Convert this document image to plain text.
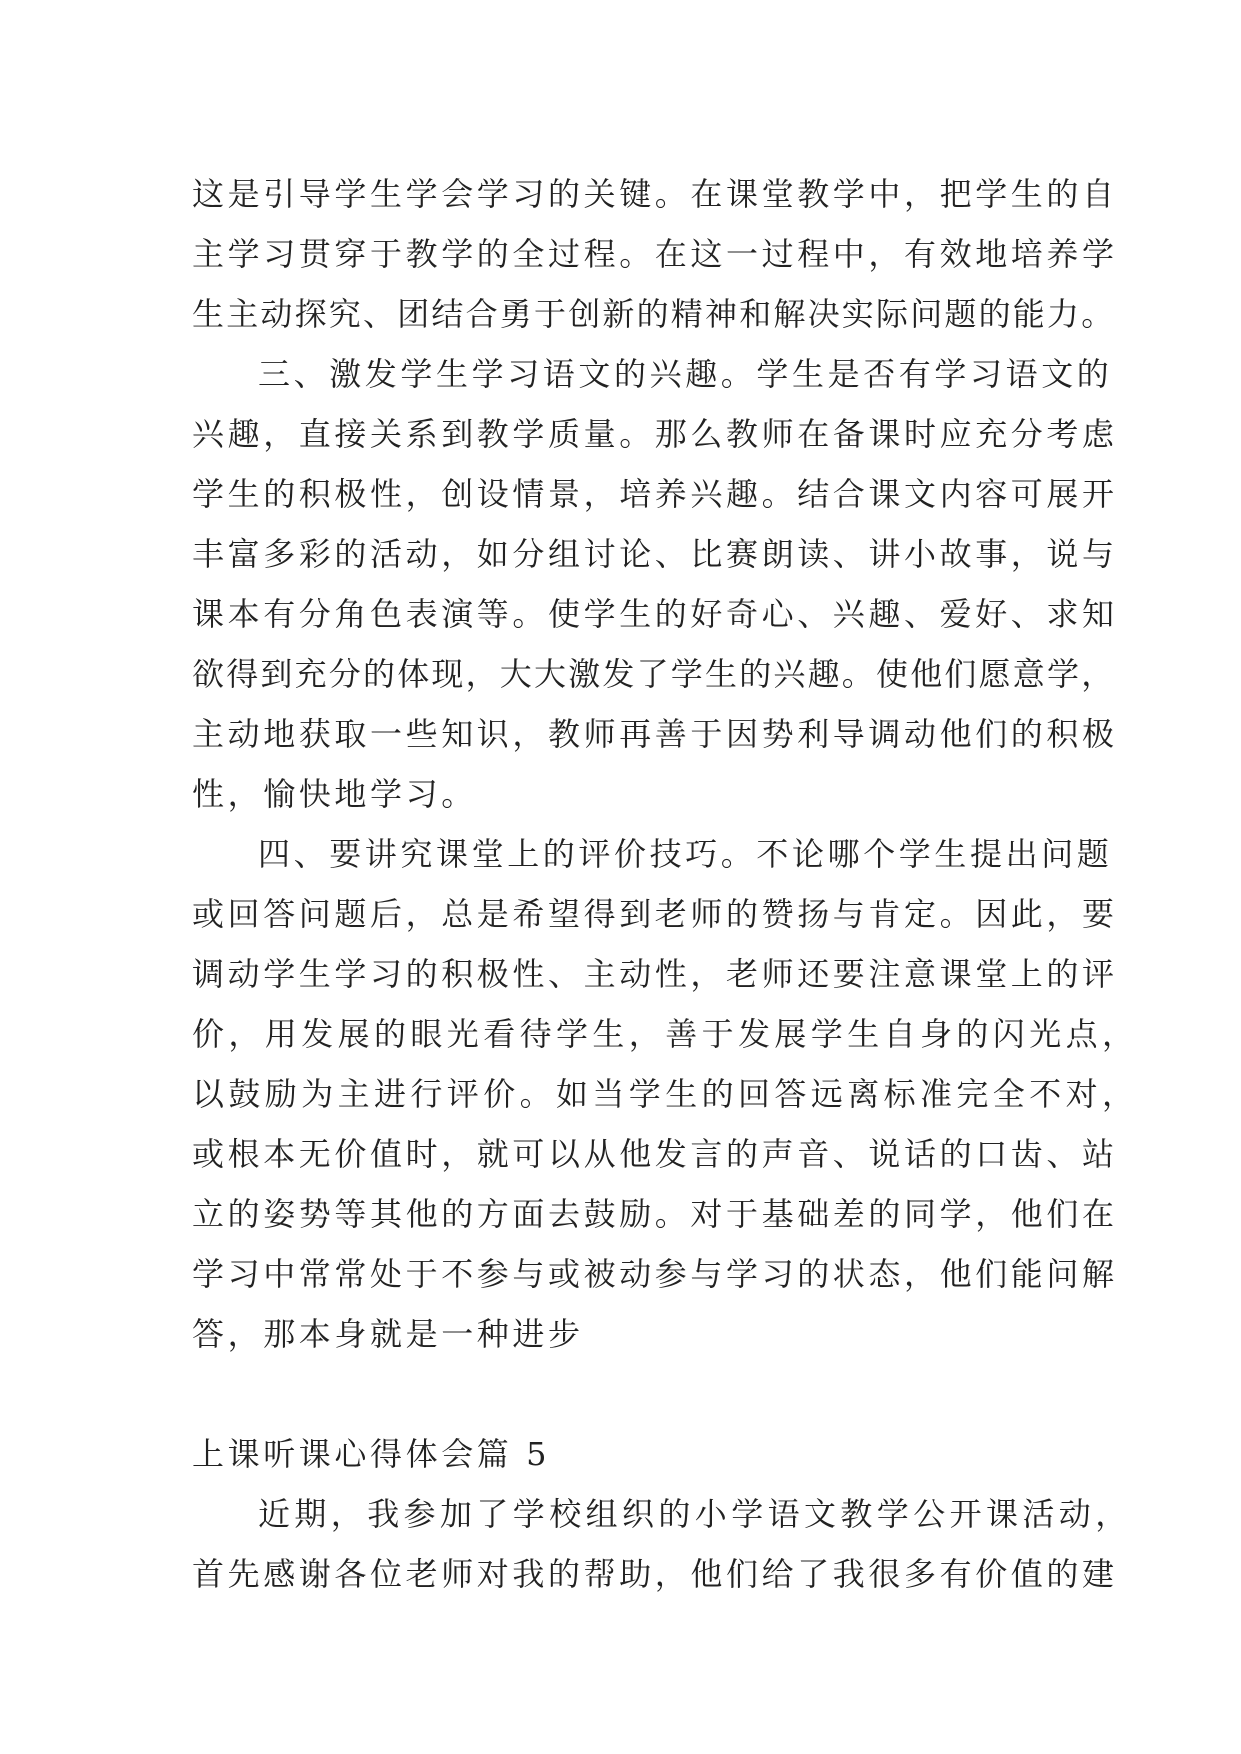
这是引导学生学会学习的关键。在课堂教学中，把学生的自
主学习贯穿于教学的全过程。在这一过程中，有效地培养学
生主动探究、团结合勇于创新的精神和解决实际问题的能力。
三、激发学生学习语文的兴趣。学生是否有学习语文的
兴趣，直接关系到教学质量。那么教师在备课时应充分考虑
学生的积极性，创设情景，培养兴趣。结合课文内容可展开
丰富多彩的活动，如分组讨论、比赛朗读、讲小故事，说与
课本有分角色表演等。使学生的好奇心、兴趣、爱好、求知
欲得到充分的体现，大大激发了学生的兴趣。使他们愿意学，
主动地获取一些知识，教师再善于因势利导调动他们的积极
性，愉快地学习。
四、要讲究课堂上的评价技巧。不论哪个学生提出问题
或回答问题后，总是希望得到老师的赞扬与肯定。因此，要
调动学生学习的积极性、主动性，老师还要注意课堂上的评
价，用发展的眼光看待学生，善于发展学生自身的闪光点，
以鼓励为主进行评价。如当学生的回答远离标准完全不对，
或根本无价值时，就可以从他发言的声音、说话的口齿、站
立的姿势等其他的方面去鼓励。对于基础差的同学，他们在
学习中常常处于不参与或被动参与学习的状态，他们能问解
答，那本身就是一种进步
上课听课心得体会篇 5
近期，我参加了学校组织的小学语文教学公开课活动，
首先感谢各位老师对我的帮助，他们给了我很多有价值的建
